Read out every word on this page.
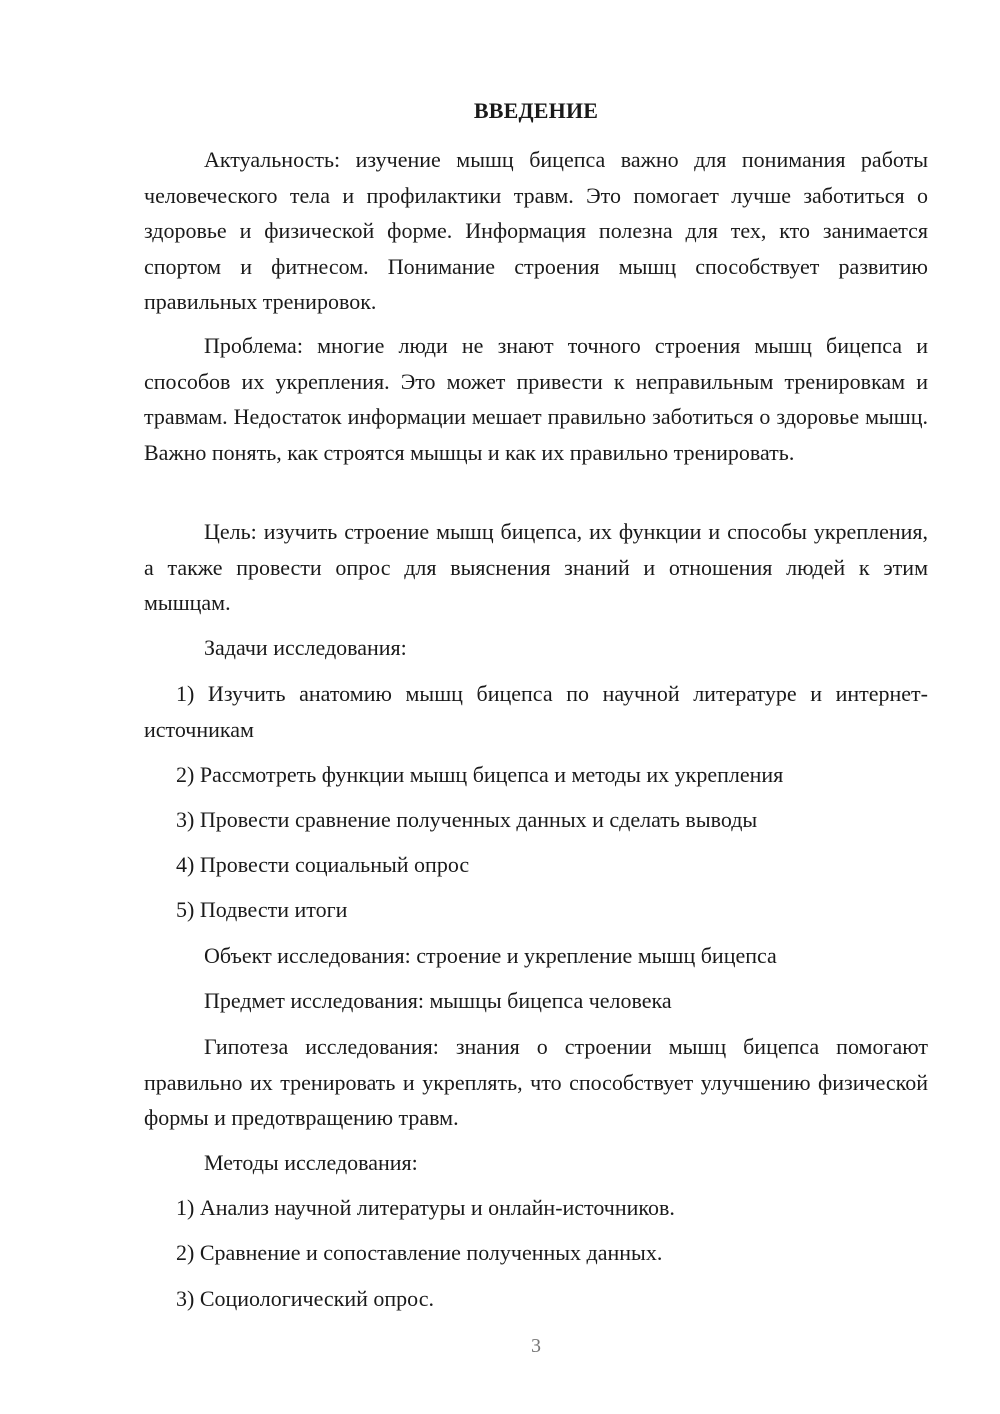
ВВЕДЕНИЕ
Актуальность: изучение мышц бицепса важно для понимания работы человеческого тела и профилактики травм. Это помогает лучше заботиться о здоровье и физической форме. Информация полезна для тех, кто занимается спортом и фитнесом. Понимание строения мышц способствует развитию правильных тренировок.
Проблема: многие люди не знают точного строения мышц бицепса и способов их укрепления. Это может привести к неправильным тренировкам и травмам. Недостаток информации мешает правильно заботиться о здоровье мышц. Важно понять, как строятся мышцы и как их правильно тренировать.
Цель: изучить строение мышц бицепса, их функции и способы укрепления, а также провести опрос для выяснения знаний и отношения людей к этим мышцам.
Задачи исследования:
1) Изучить анатомию мышц бицепса по научной литературе и интернет-источникам
2) Рассмотреть функции мышц бицепса и методы их укрепления
3) Провести сравнение полученных данных и сделать выводы
4) Провести социальный опрос
5) Подвести итоги
Объект исследования: строение и укрепление мышц бицепса
Предмет исследования: мышцы бицепса человека
Гипотеза исследования: знания о строении мышц бицепса помогают правильно их тренировать и укреплять, что способствует улучшению физической формы и предотвращению травм.
Методы исследования:
1) Анализ научной литературы и онлайн-источников.
2) Сравнение и сопоставление полученных данных.
3) Социологический опрос.
3
